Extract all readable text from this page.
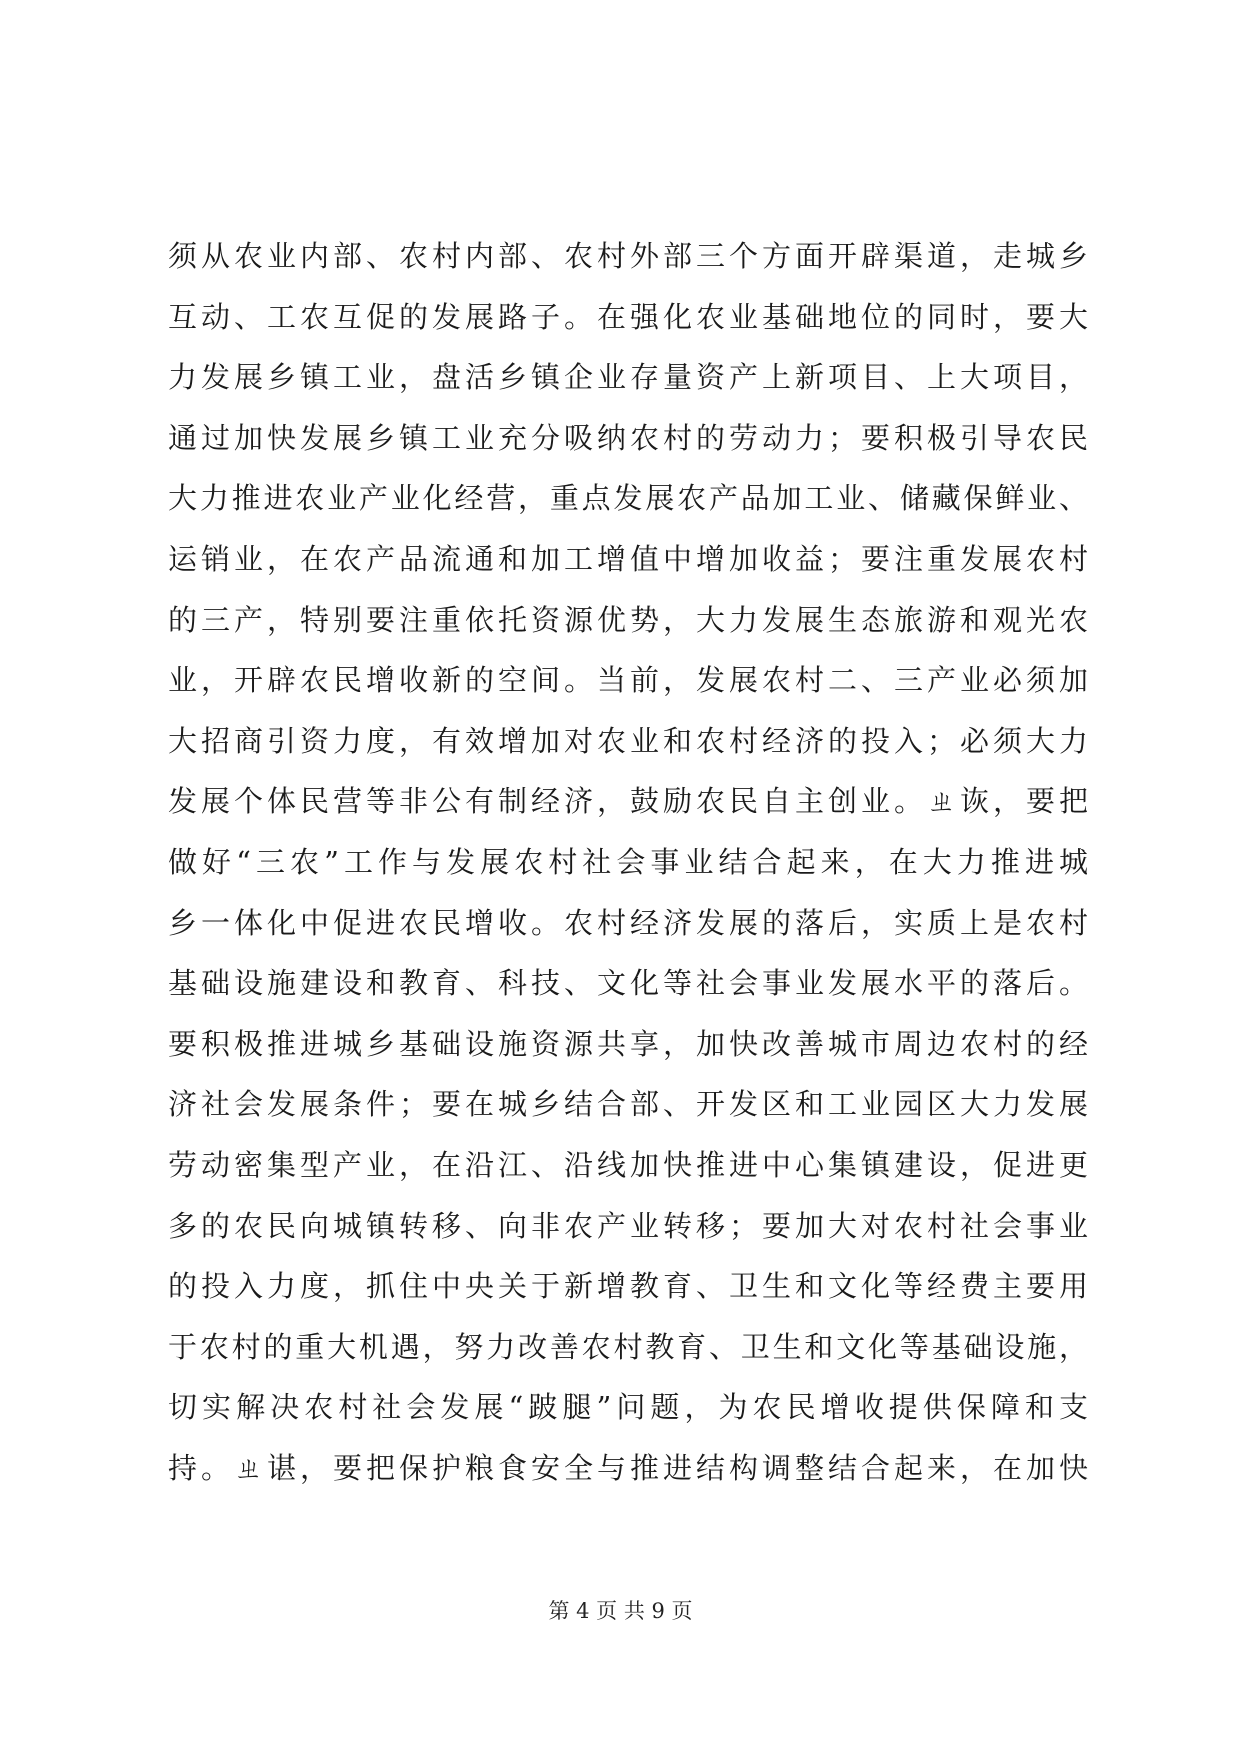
须从农业内部、农村内部、农村外部三个方面开辟渠道，走城乡
互动、工农互促的发展路子。在强化农业基础地位的同时，要大
力发展乡镇工业，盘活乡镇企业存量资产上新项目、上大项目，
通过加快发展乡镇工业充分吸纳农村的劳动力；要积极引导农民
大力推进农业产业化经营，重点发展农产品加工业、储藏保鲜业、
运销业，在农产品流通和加工增值中增加收益；要注重发展农村
的三产，特别要注重依托资源优势，大力发展生态旅游和观光农
业，开辟农民增收新的空间。当前，发展农村二、三产业必须加
大招商引资力度，有效增加对农业和农村经济的投入；必须大力
发展个体民营等非公有制经济，鼓励农民自主创业。ㄓ诙，要把
做好“三农”工作与发展农村社会事业结合起来，在大力推进城
乡一体化中促进农民增收。农村经济发展的落后，实质上是农村
基础设施建设和教育、科技、文化等社会事业发展水平的落后。
要积极推进城乡基础设施资源共享，加快改善城市周边农村的经
济社会发展条件；要在城乡结合部、开发区和工业园区大力发展
劳动密集型产业，在沿江、沿线加快推进中心集镇建设，促进更
多的农民向城镇转移、向非农产业转移；要加大对农村社会事业
的投入力度，抓住中央关于新增教育、卫生和文化等经费主要用
于农村的重大机遇，努力改善农村教育、卫生和文化等基础设施，
切实解决农村社会发展“跛腿”问题，为农民增收提供保障和支
持。ㄓ谌，要把保护粮食安全与推进结构调整结合起来，在加快
第 4 页 共 9 页
